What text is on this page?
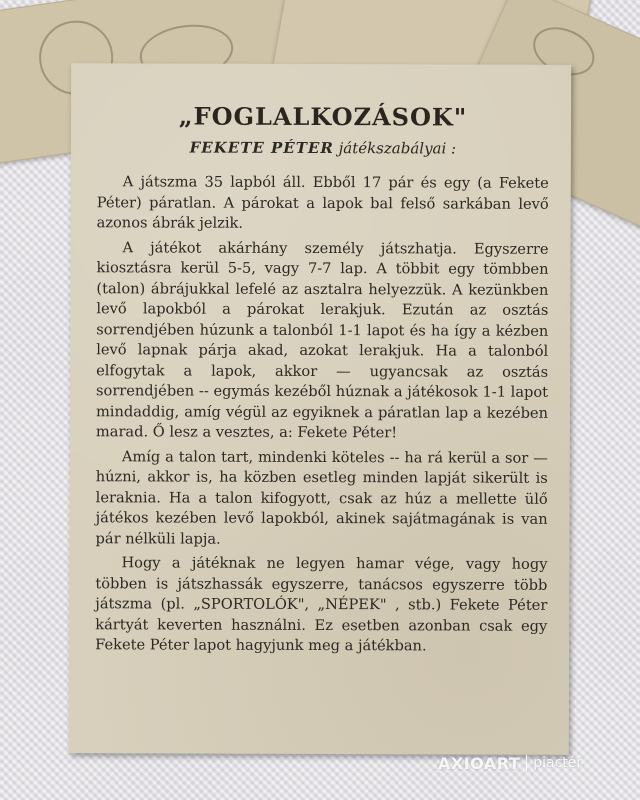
„FOGLALKOZÁSOK"

FEKETE PÉTER játékszabályai :

A játszma 35 lapból áll. Ebből 17 pár és egy (a Fekete Péter) páratlan. A párokat a lapok bal felső sarkában levő azonos ábrák jelzik.

A játékot akárhány személy játszhatja. Egyszerre kiosztásra kerül 5-5, vagy 7-7 lap. A többit egy tömbben (talon) ábrájukkal lefelé az asztalra helyezzük. A kezünkben levő lapokból a párokat lerakjuk. Ezután az osztás sorrendjében húzunk a talonból 1-1 lapot és ha így a kézben levő lapnak párja akad, azokat lerakjuk. Ha a talonból elfogytak a lapok, akkor — ugyancsak az osztás sorrendjében -- egymás kezéből húznak a játékosok 1-1 lapot mindaddig, amíg végül az egyiknek a páratlan lap a kezében marad. Ő lesz a vesztes, a: Fekete Péter!

Amíg a talon tart, mindenki köteles -- ha rá kerül a sor — húzni, akkor is, ha közben esetleg minden lapját sikerült is leraknia. Ha a talon kifogyott, csak az húz a mellette ülő játékos kezében levő lapokból, akinek sajátmagának is van pár nélküli lapja.

Hogy a játéknak ne legyen hamar vége, vagy hogy többen is játszhassák egyszerre, tanácsos egyszerre több játszma (pl. „SPORTOLÓK", „NÉPEK" , stb.) Fekete Péter kártyát keverten használni. Ez esetben azonban csak egy Fekete Péter lapot hagyjunk meg a játékban.

AXIOART piactér
